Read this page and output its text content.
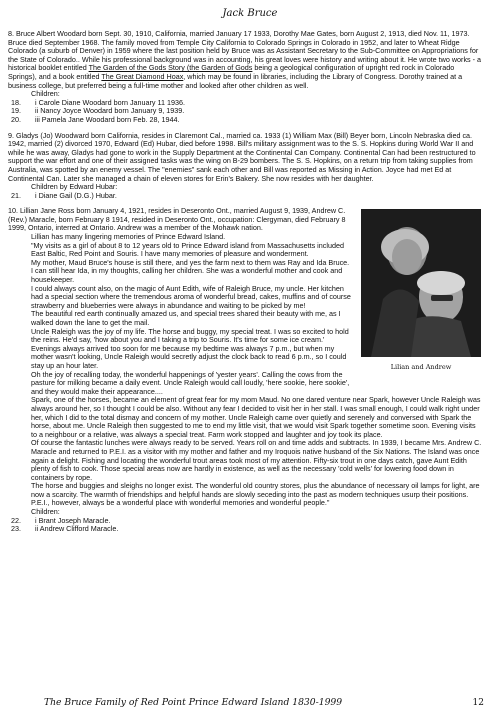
Jack Bruce

8. Bruce Albert Woodard born Sept. 30, 1910, California, married January 17 1933, Dorothy Mae Gates, born August 2, 1913, died Nov. 11, 1973. Bruce died September 1968. The family moved from Temple City California to Colorado Springs in Colorado in 1952, and later to Wheat Ridge Colorado (a suburb of Denver) in 1959 where the last position held by Bruce was as Assistant Secretary to the Sub-Committee on Appropriations for the State of Colorado.. While his professional background was in accounting, his great loves were history and writing about it. He wrote two works - a historical booklet entitled The Garden of the Gods Story (the Garden of Gods being a geological configuration of upright red rock in Colorado Springs), and a book entitled The Great Diamond Hoax, which may be found in libraries, including the Library of Congress. Dorothy trained at a business college, but preferred being a full-time mother and looked after other children as well.

Children:

18.	i Carole Diane Woodard born January 11 1936.
19.	ii Nancy Joyce Woodard born January 9, 1939.
20.	iii Pamela Jane Woodard born Feb. 28, 1944.

9. Gladys (Jo) Woodward born California, resides in Claremont Cal., married ca. 1933 (1) William Max (Bill) Beyer born, Lincoln Nebraska died ca. 1942, married (2) divorced 1970, Edward (Ed) Hubar, died before 1998. Bill's military assignment was to the S. S. Hopkins during World War II and while he was away, Gladys had gone to work in the Supply Department at the Continental Can Company. Continental Can had been restructured to support the war effort and one of their assigned tasks was the wing on B-29 bombers. The S. S. Hopkins, on a return trip from taking supplies from Australia, was spotted by an enemy vessel. The "enemies" sank each other and Bill was reported as Missing in Action. Joyce had met Ed at Continental Can. Later she managed a chain of eleven stores for Erin's Bakery. She now resides with her daughter.

Children by Edward Hubar:

21.	i Diane Gail (D.G.) Hubar.
Lilian and Andrew

10. Lillian Jane Ross born January 4, 1921, resides in Deseronto Ont., married August 9, 1939, Andrew C. (Rev.) Maracle, born February 8 1914, resided in Deseronto Ont., occupation: Clergyman, died February 8 1999, Ontario, interred at Ontario. Andrew was a member of the Mohawk nation.

Lillian has many lingering memories of Prince Edward Island.

"My visits as a girl of about 8 to 12 years old to Prince Edward island from Massachusetts included East Baltic, Red Point and Souris. I have many memories of pleasure and wonderment.

My mother, Maud Bruce's house is still there, and yes the farm next to them was Ray and Ida Bruce. I can still hear Ida, in my thoughts, calling her children. She was a wonderful mother and cook and housekeeper.

I could always count also, on the magic of Aunt Edith, wife of Raleigh Bruce, my uncle. Her kitchen had a special section where the tremendous aroma of wonderful bread, cakes, muffins and of course strawberry and blueberries were always in abundance and waiting to be picked by me!

The beautiful red earth continually amazed us, and special trees shared their beauty with me, as I walked down the lane to get the mail.

Uncle Raleigh was the joy of my life. The horse and buggy, my special treat. I was so excited to hold the reins. He'd say, 'how about you and I taking a trip to Souris. It's time for some ice cream.' Evenings always arrived too soon for me because my bedtime was always 7 p.m., but when my mother wasn't looking, Uncle Raleigh would secretly adjust the clock back to read 6 p.m., so I could stay up an hour later.

Oh the joy of recalling today, the wonderful happenings of 'yester years'. Calling the cows from the pasture for milking became a daily event. Uncle Raleigh would call loudly, 'here sookie, here sookie', and they would make their appearance....

Spark, one of the horses, became an element of great fear for my mom Maud. No one dared venture near Spark, however Uncle Raleigh was always around her, so I thought I could be also. Without any fear I decided to visit her in her stall. I was small enough, I could walk right under her, which I did to the total dismay and concern of my mother. Uncle Raleigh came over quietly and serenely and conversed with Spark the horse, about me. Uncle Raleigh then suggested to me to end my little visit, that we would visit Spark together sometime soon. Evening visits to a neighbour or a relative, was always a special treat. Farm work stopped and laughter and joy took its place.

Of course the fantastic lunches were always ready to be served. Years roll on and time adds and subtracts. In 1939, I became Mrs. Andrew C. Maracle and returned to P.E.I. as a visitor with my mother and father and my Iroquois native husband of the Six Nations. The Island was once again a delight. Fishing and locating the wonderful trout areas took most of my attention. Fifty-six trout in one days catch, gave Aunt Edith plenty of fish to cook. Those special areas now are hardly in existence, as well as the necessary 'cold wells' for lowering food down in containers by rope.

The horse and buggies and sleighs no longer exist. The wonderful old country stores, plus the abundance of necessary oil lamps for light, are now a scarcity. The warmth of friendships and helpful hands are slowly seceding into the past as modern techniques usurp their positions. P.E.I., however, always be a wonderful place with wonderful memories and wonderful people."

Children:

22.	i Brant Joseph Maracle.
23.	ii Andrew Clifford Maracle.
The Bruce Family of Red Point Prince Edward Island 1830-1999	12
